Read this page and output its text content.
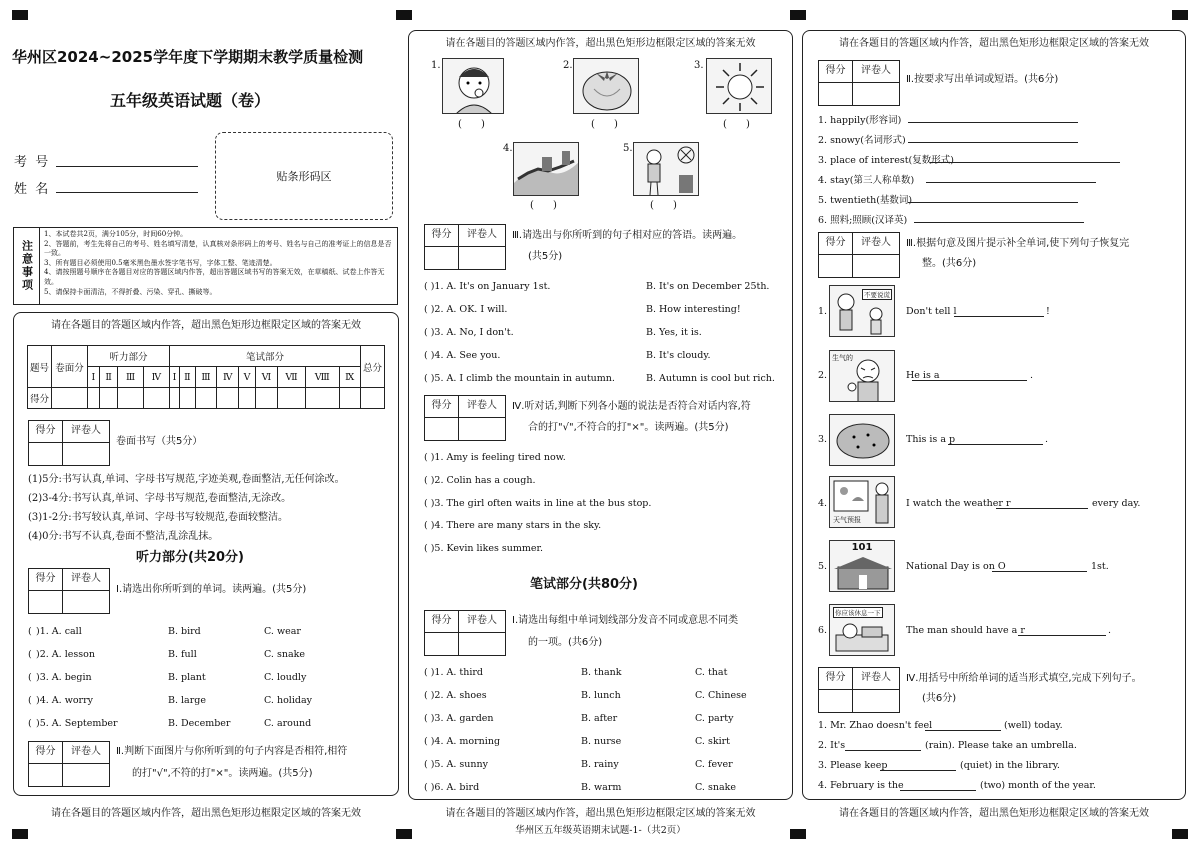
华州区2024~2025学年度下学期期末教学质量检测
五年级英语试题（卷）
考  号
姓  名
贴条形码区
注意事项
1、本试卷共2页，满分105分，时间60分钟。
2、答题前，考生先将自己的考号、姓名填写清楚，认真核对条形码上的考号、姓名与自己的准考证上的信息是否一致。
3、所有题目必须使用0.5毫米黑色墨水签字笔书写，字体工整、笔迹清楚。
4、请按照题号顺序在各题目对应的答题区域内作答，超出答题区域书写的答案无效，在草稿纸、试卷上作答无效。
5、请保持卡面清洁，不得折叠、污染、穿孔、撕破等。
请在各题目的答题区域内作答，超出黑色矩形边框限定区域的答案无效
题号	卷面分	听力部分				笔试部分									总分
		Ⅰ	Ⅱ	Ⅲ	Ⅳ	Ⅰ	Ⅱ	Ⅲ	Ⅳ	Ⅴ	Ⅵ	Ⅶ	Ⅷ	Ⅸ	
得分															
得分	评卷人
卷面书写（共5分）
(1)5分:书写认真,单词、字母书写规范,字迹美观,卷面整洁,无任何涂改。
(2)3-4分:书写认真,单词、字母书写规范,卷面整洁,无涂改。
(3)1-2分:书写较认真,单词、字母书写较规范,卷面较整洁。
(4)0分:书写不认真,卷面不整洁,乱涂乱抹。
听力部分(共20分)
得分	评卷人
Ⅰ.请选出你所听到的单词。读两遍。(共5分)
( )1. A. call	B. bird	C. wear
( )2. A. lesson	B. full	C. snake
( )3. A. begin	B. plant	C. loudly
( )4. A. worry	B. large	C. holiday
( )5. A. September	B. December	C. around
得分	评卷人	Ⅱ.判断下面图片与你所听到的句子内容是否相符,相符
的打"√",不符的打"×"。读两遍。(共5分)
请在各题目的答题区域内作答，超出黑色矩形边框限定区域的答案无效
请在各题目的答题区域内作答，超出黑色矩形边框限定区域的答案无效
1.
(      )
2.
(      )
3.
(      )
4.
(      )
5.
(      )
得分	评卷人	Ⅲ.请选出与你所听到的句子相对应的答语。读两遍。
(共5分)
( )1. A. It's on January 1st.	B. It's on December 25th.
( )2. A. OK. I will.	B. How interesting!
( )3. A. No, I don't.	B. Yes, it is.
( )4. A. See you.	B. It's cloudy.
( )5. A. I climb the mountain in autumn.	B. Autumn is cool but rich.
得分	评卷人	Ⅳ.听对话,判断下列各小题的说法是否符合对话内容,符
合的打"√",不符合的打"×"。读两遍。(共5分)
( )1. Amy is feeling tired now.
( )2. Colin has a cough.
( )3. The girl often waits in line at the bus stop.
( )4. There are many stars in the sky.
( )5. Kevin likes summer.
笔试部分(共80分)
得分	评卷人	Ⅰ.请选出每组中单词划线部分发音不同或意思不同类
的一项。(共6分)
( )1. A. third	B. thank	C. that
( )2. A. shoes	B. lunch	C. Chinese
( )3. A. garden	B. after	C. party
( )4. A. morning	B. nurse	C. skirt
( )5. A. sunny	B. rainy	C. fever
( )6. A. bird	B. warm	C. snake
请在各题目的答题区域内作答，超出黑色矩形边框限定区域的答案无效
华州区五年级英语期末试题-1-（共2页）
请在各题目的答题区域内作答，超出黑色矩形边框限定区域的答案无效
得分	评卷人
Ⅱ.按要求写出单词或短语。(共6分)
1. happily(形容词)
2. snowy(名词形式)
3. place of interest(复数形式)
4. stay(第三人称单数)
5. twentieth(基数词)
6. 照料;照顾(汉译英)
得分	评卷人	Ⅲ.根据句意及图片提示补全单词,使下列句子恢复完
整。(共6分)
不要说谎
生气的
天气预报
101
你应该休息一下
1.	Don't tell l	!
2.	He is a	.
3.	This is a p	.
4.	I watch the weather r	every day.
5.	National Day is on O	1st.
6.	The man should have a r	.
得分	评卷人	Ⅳ.用括号中所给单词的适当形式填空,完成下列句子。
(共6分)
1. Mr. Zhao doesn't feel	(well) today.
2. It's	(rain). Please take an umbrella.
3. Please keep	(quiet) in the library.
4. February is the	(two) month of the year.
请在各题目的答题区域内作答，超出黑色矩形边框限定区域的答案无效
